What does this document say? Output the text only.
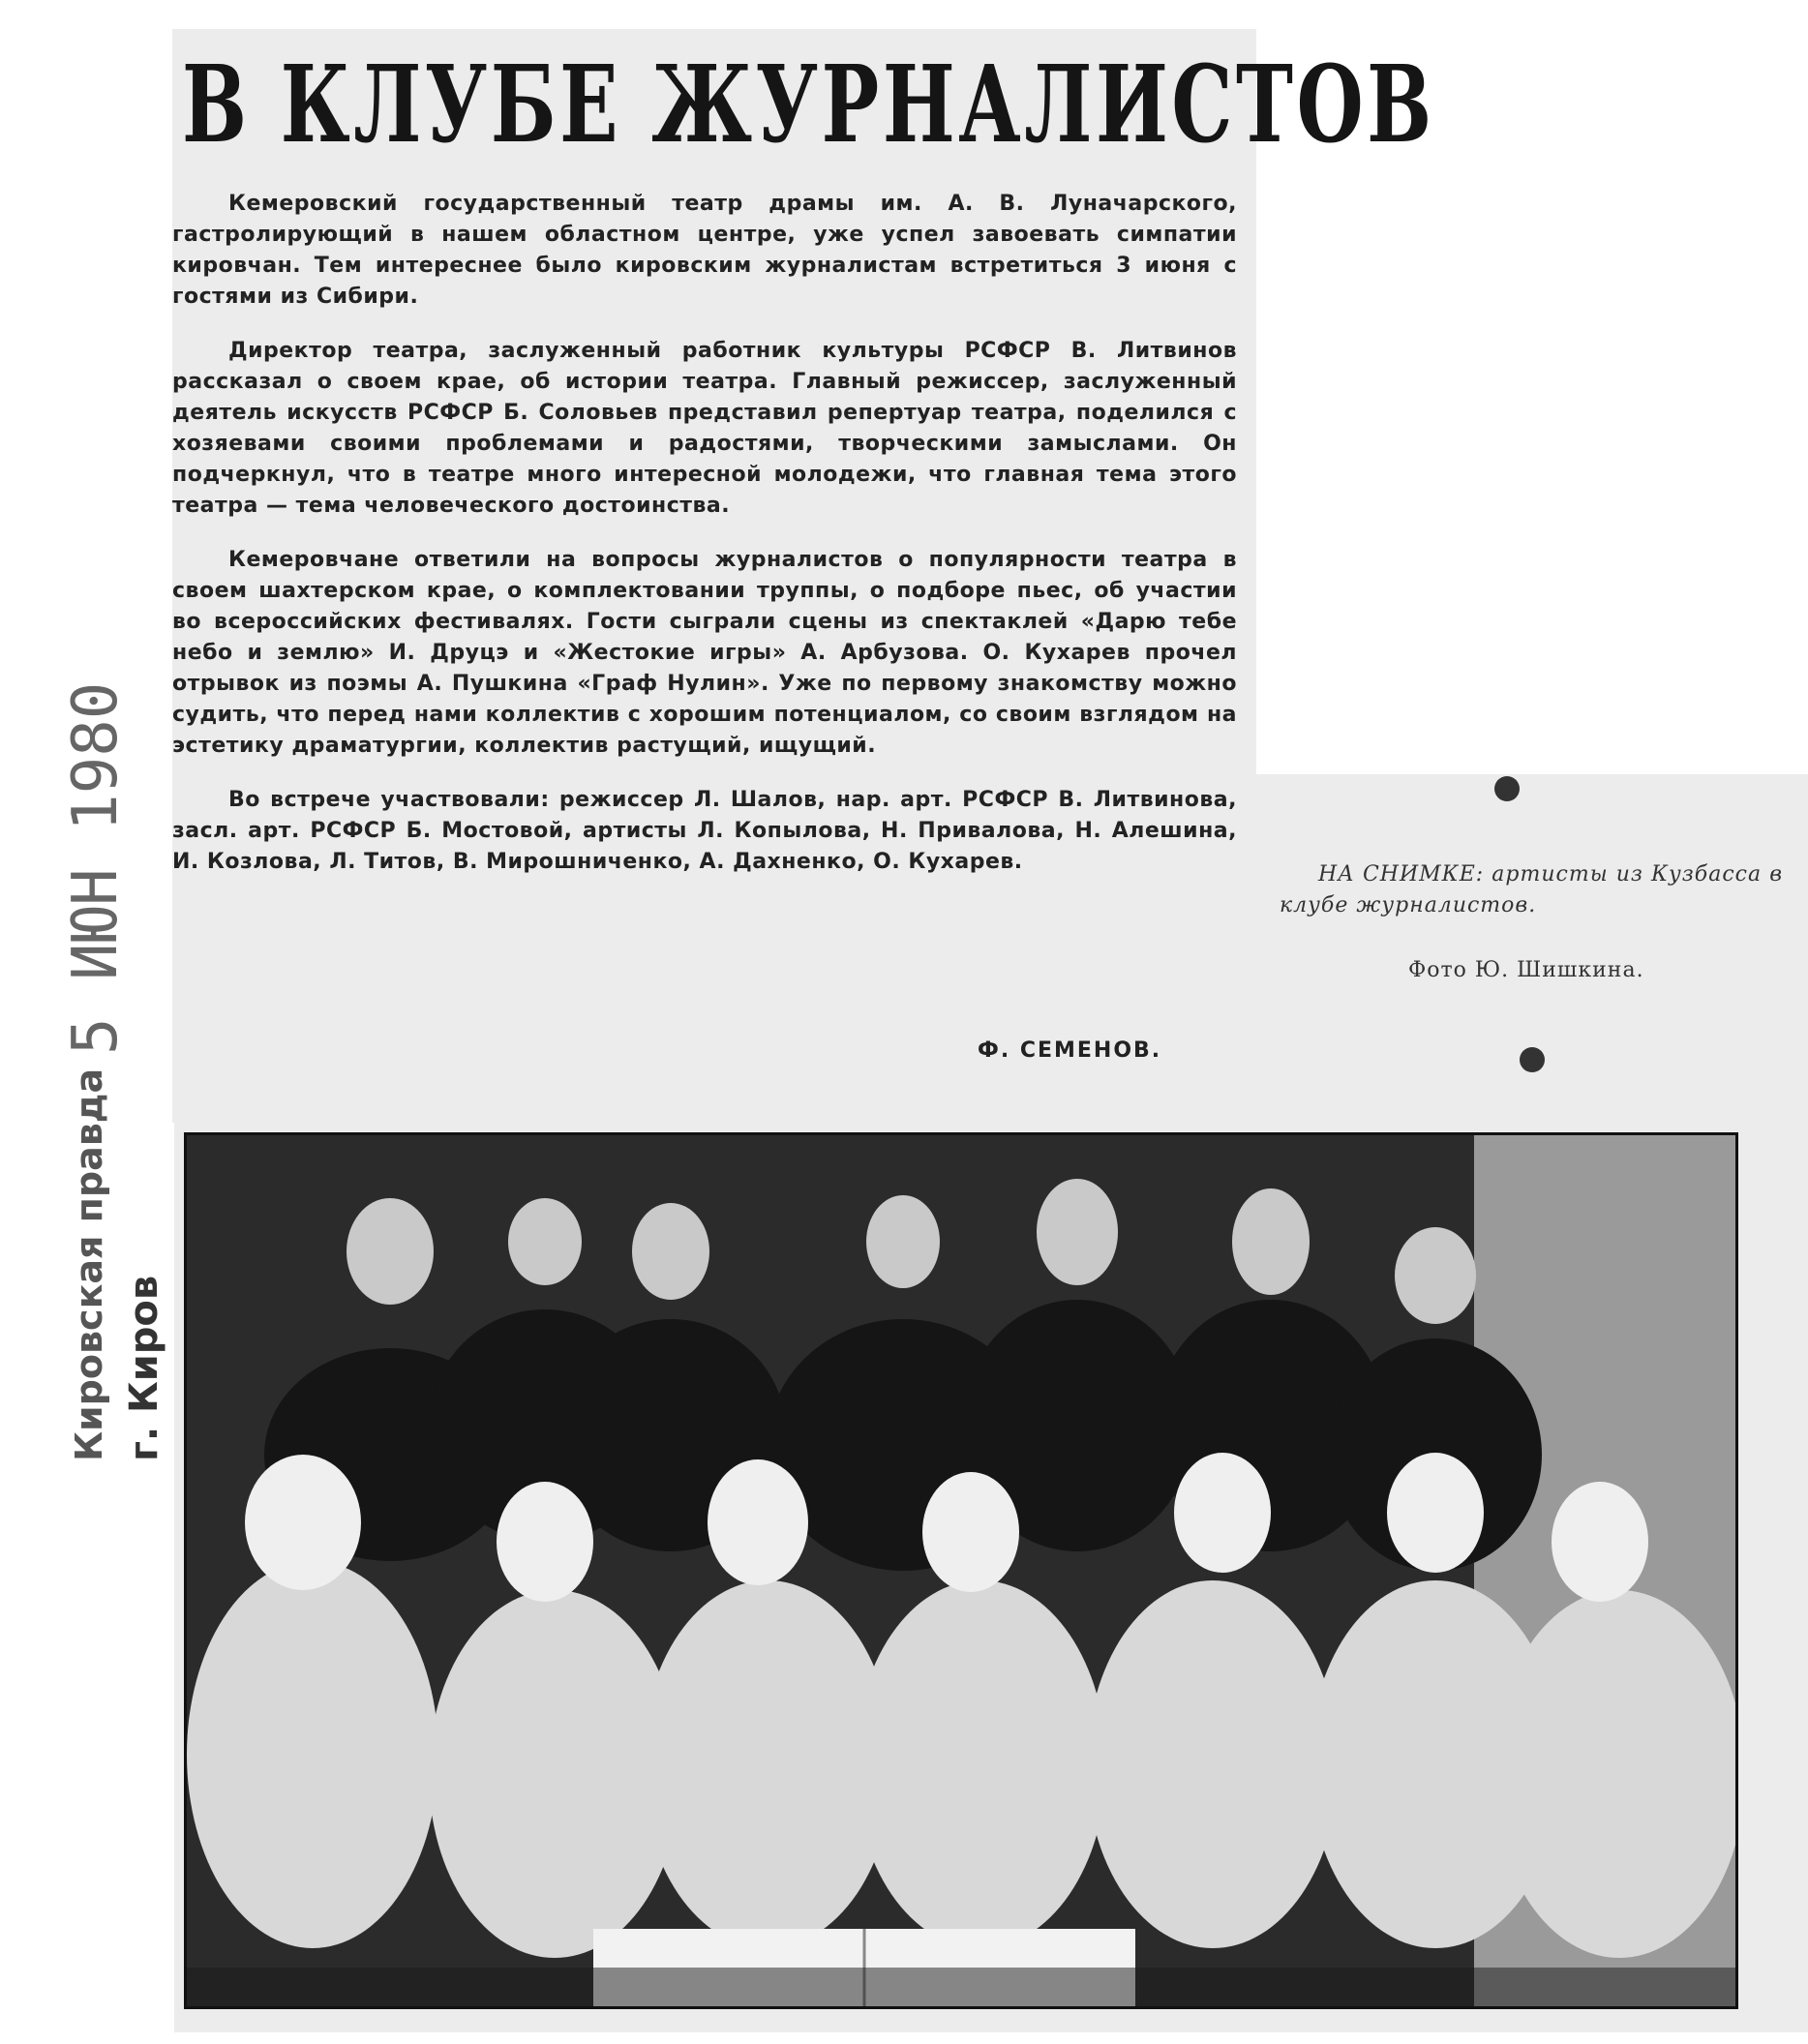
В КЛУБЕ ЖУРНАЛИСТОВ

Кемеровский государственный театр драмы им. А. В. Луначарского, гастролирующий в нашем областном центре, уже успел завоевать симпатии кировчан. Тем интереснее было кировским журналистам встретиться 3 июня с гостями из Сибири.

Директор театра, заслуженный работник культуры РСФСР В. Литвинов рассказал о своем крае, об истории театра. Главный режиссер, заслуженный деятель искусств РСФСР Б. Соловьев представил репертуар театра, поделился с хозяевами своими проблемами и радостями, творческими замыслами. Он подчеркнул, что в театре много интересной молодежи, что главная тема этого театра — тема человеческого достоинства.

Кемеровчане ответили на вопросы журналистов о популярности театра в своем шахтерском крае, о комплектовании труппы, о подборе пьес, об участии во всероссийских фестивалях. Гости сыграли сцены из спектаклей «Дарю тебе небо и землю» И. Друцэ и «Жестокие игры» А. Арбузова. О. Кухарев прочел отрывок из поэмы А. Пушкина «Граф Нулин». Уже по первому знакомству можно судить, что перед нами коллектив с хорошим потенциалом, со своим взглядом на эстетику драматургии, коллектив растущий, ищущий.

Во встрече участвовали: режиссер Л. Шалов, нар. арт. РСФСР В. Литвинова, засл. арт. РСФСР Б. Мостовой, артисты Л. Копылова, Н. Привалова, Н. Алешина, И. Козлова, Л. Титов, В. Мирошниченко, А. Дахненко, О. Кухарев.

Ф. СЕМЕНОВ.
НА СНИМКЕ: артисты из Кузбасса в клубе журналистов.
Фото Ю. Шишкина.
Кировская правда
5 ИЮН 1980
г. Киров
